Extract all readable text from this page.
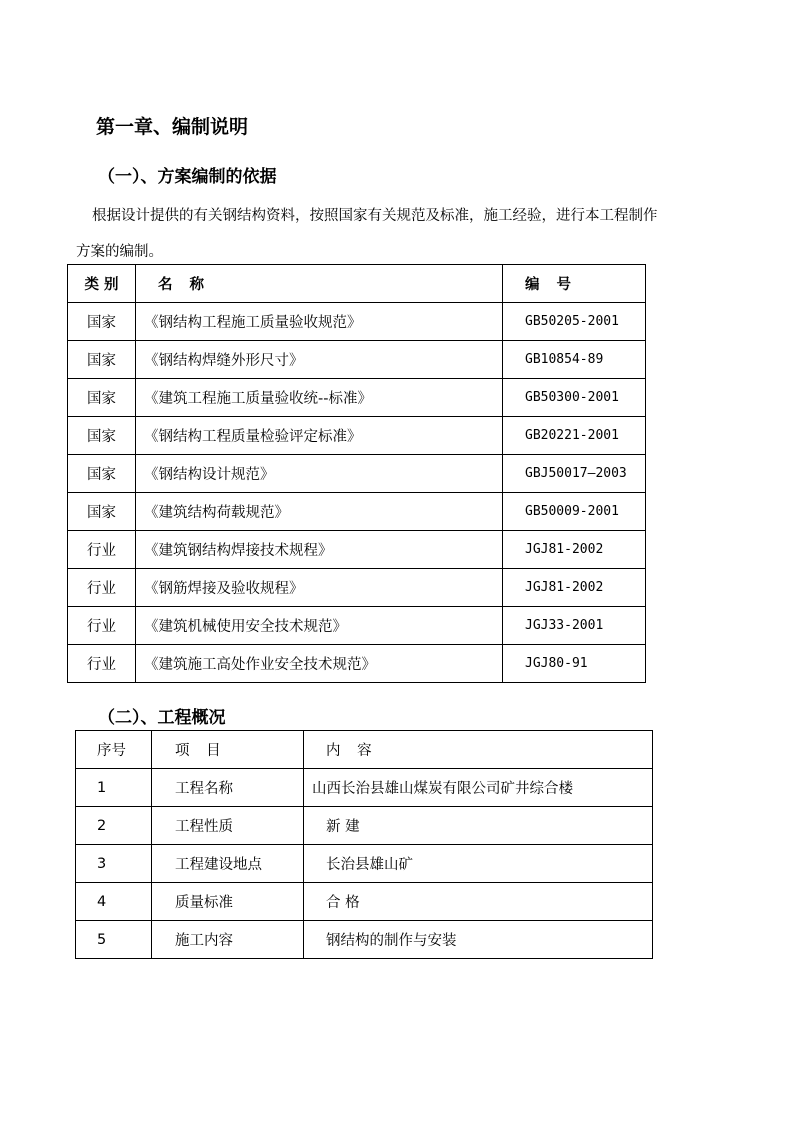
第一章、编制说明
（一）、方案编制的依据
根据设计提供的有关钢结构资料，按照国家有关规范及标准，施工经验，进行本工程制作
方案的编制。
类 别	名 称	编 号
国家	《钢结构工程施工质量验收规范》	GB50205-2001
国家	《钢结构焊缝外形尺寸》	GB10854-89
国家	《建筑工程施工质量验收统--标准》	GB50300-2001
国家	《钢结构工程质量检验评定标准》	GB20221-2001
国家	《钢结构设计规范》	GBJ50017—2003
国家	《建筑结构荷载规范》	GB50009-2001
行业	《建筑钢结构焊接技术规程》	JGJ81-2002
行业	《钢筋焊接及验收规程》	JGJ81-2002
行业	《建筑机械使用安全技术规范》	JGJ33-2001
行业	《建筑施工高处作业安全技术规范》	JGJ80-91
（二）、工程概况
序号	项 目	内 容
1	工程名称	山西长治县雄山煤炭有限公司矿井综合楼
2	工程性质	新 建
3	工程建设地点	长治县雄山矿
4	质量标准	合 格
5	施工内容	钢结构的制作与安装
